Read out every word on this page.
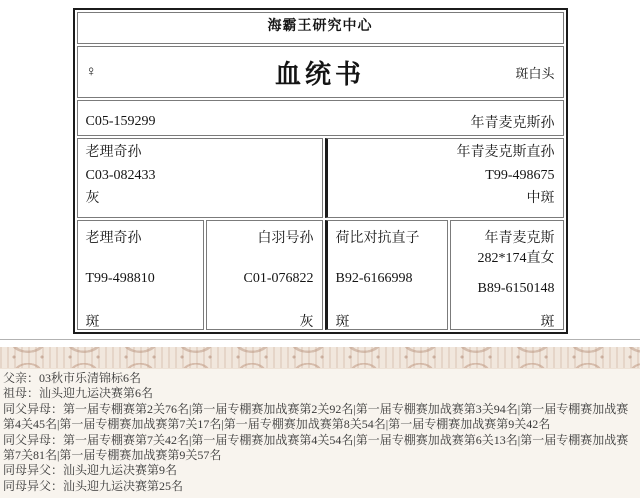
海霸王研究中心			

♀ 血统书 斑白头			

C05-159299 年青麦克斯孙			

老理奇孙
C03-082433
灰

年青麦克斯直孙
T99-498675
中斑

老理奇孙
T99-498810
斑

白羽号孙
C01-076822
灰

荷比对抗直子
B92-6166998
斑

年青麦克斯
282*174直女
B89-6150148
斑
父亲：03秋市乐清锦标6名
祖母：汕头迎九运决赛第6名
同父异母：第一届专棚赛第2关76名|第一届专棚赛加战赛第2关92名|第一届专棚赛加战赛第3关94名|第一届专棚赛加战赛第4关45名|第一届专棚赛加战赛第7关17名|第一届专棚赛加战赛第8关54名|第一届专棚赛加战赛第9关42名
同父异母：第一届专棚赛第7关42名|第一届专棚赛加战赛第4关54名|第一届专棚赛加战赛第6关13名|第一届专棚赛加战赛第7关81名|第一届专棚赛加战赛第9关57名
同母异父：汕头迎九运决赛第9名
同母异父：汕头迎九运决赛第25名
